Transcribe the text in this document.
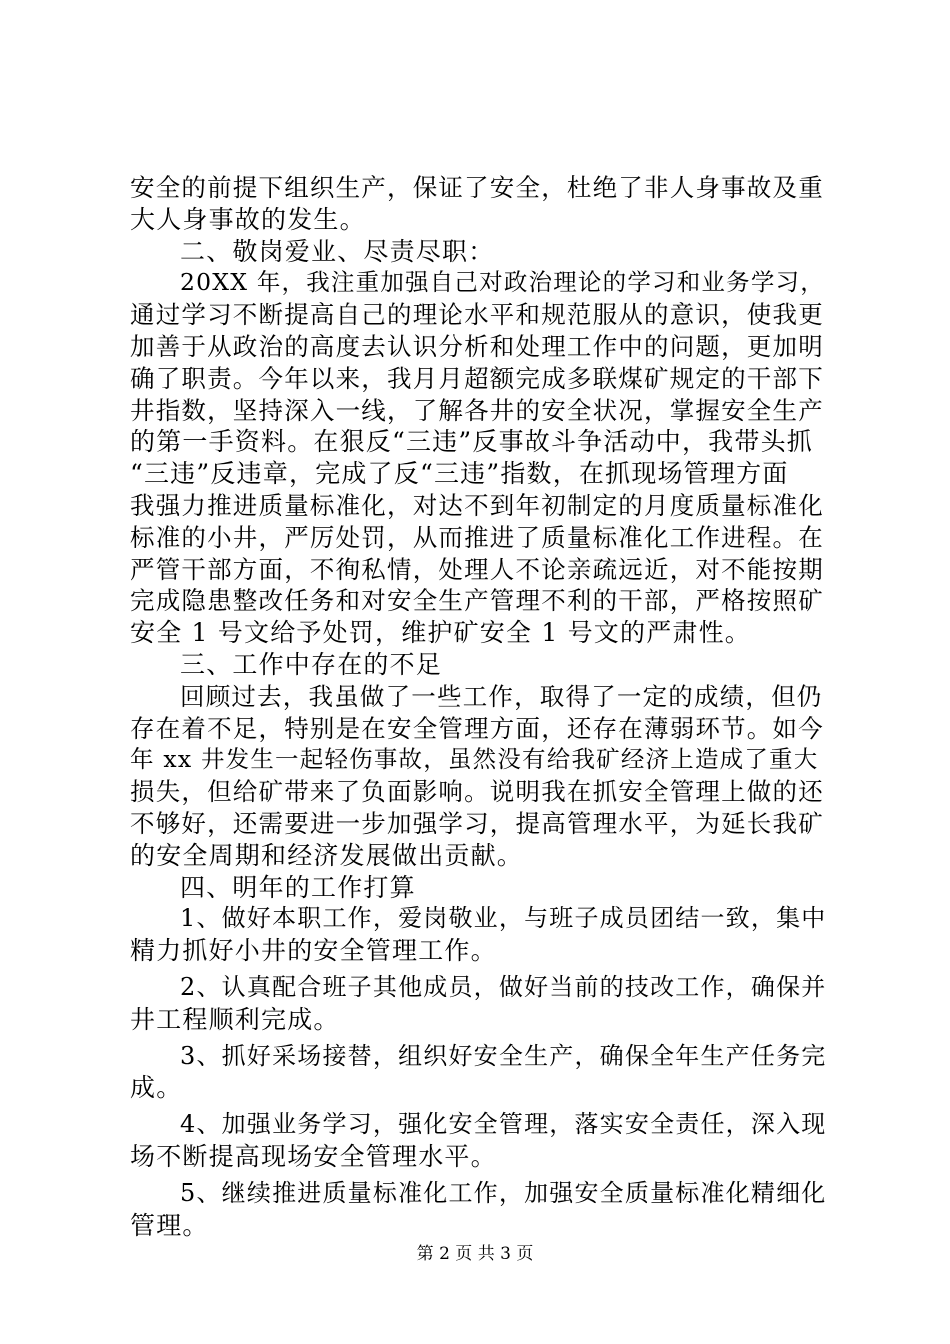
安全的前提下组织生产，保证了安全，杜绝了非人身事故及重
大人身事故的发生。
二、敬岗爱业、尽责尽职：
20XX 年，我注重加强自己对政治理论的学习和业务学习，
通过学习不断提高自己的理论水平和规范服从的意识，使我更
加善于从政治的高度去认识分析和处理工作中的问题，更加明
确了职责。今年以来，我月月超额完成多联煤矿规定的干部下
井指数，坚持深入一线，了解各井的安全状况，掌握安全生产
的第一手资料。在狠反“三违”反事故斗争活动中，我带头抓
“三违”反违章，完成了反“三违”指数，在抓现场管理方面
我强力推进质量标准化，对达不到年初制定的月度质量标准化
标准的小井，严厉处罚，从而推进了质量标准化工作进程。在
严管干部方面，不徇私情，处理人不论亲疏远近，对不能按期
完成隐患整改任务和对安全生产管理不利的干部，严格按照矿
安全 1 号文给予处罚，维护矿安全 1 号文的严肃性。
三、工作中存在的不足
回顾过去，我虽做了一些工作，取得了一定的成绩，但仍
存在着不足，特别是在安全管理方面，还存在薄弱环节。如今
年 xx 井发生一起轻伤事故，虽然没有给我矿经济上造成了重大
损失，但给矿带来了负面影响。说明我在抓安全管理上做的还
不够好，还需要进一步加强学习，提高管理水平，为延长我矿
的安全周期和经济发展做出贡献。
四、明年的工作打算
1、做好本职工作，爱岗敬业，与班子成员团结一致，集中
精力抓好小井的安全管理工作。
2、认真配合班子其他成员，做好当前的技改工作，确保并
井工程顺利完成。
3、抓好采场接替，组织好安全生产，确保全年生产任务完
成。
4、加强业务学习，强化安全管理，落实安全责任，深入现
场不断提高现场安全管理水平。
5、继续推进质量标准化工作，加强安全质量标准化精细化
管理。
第 2 页 共 3 页
